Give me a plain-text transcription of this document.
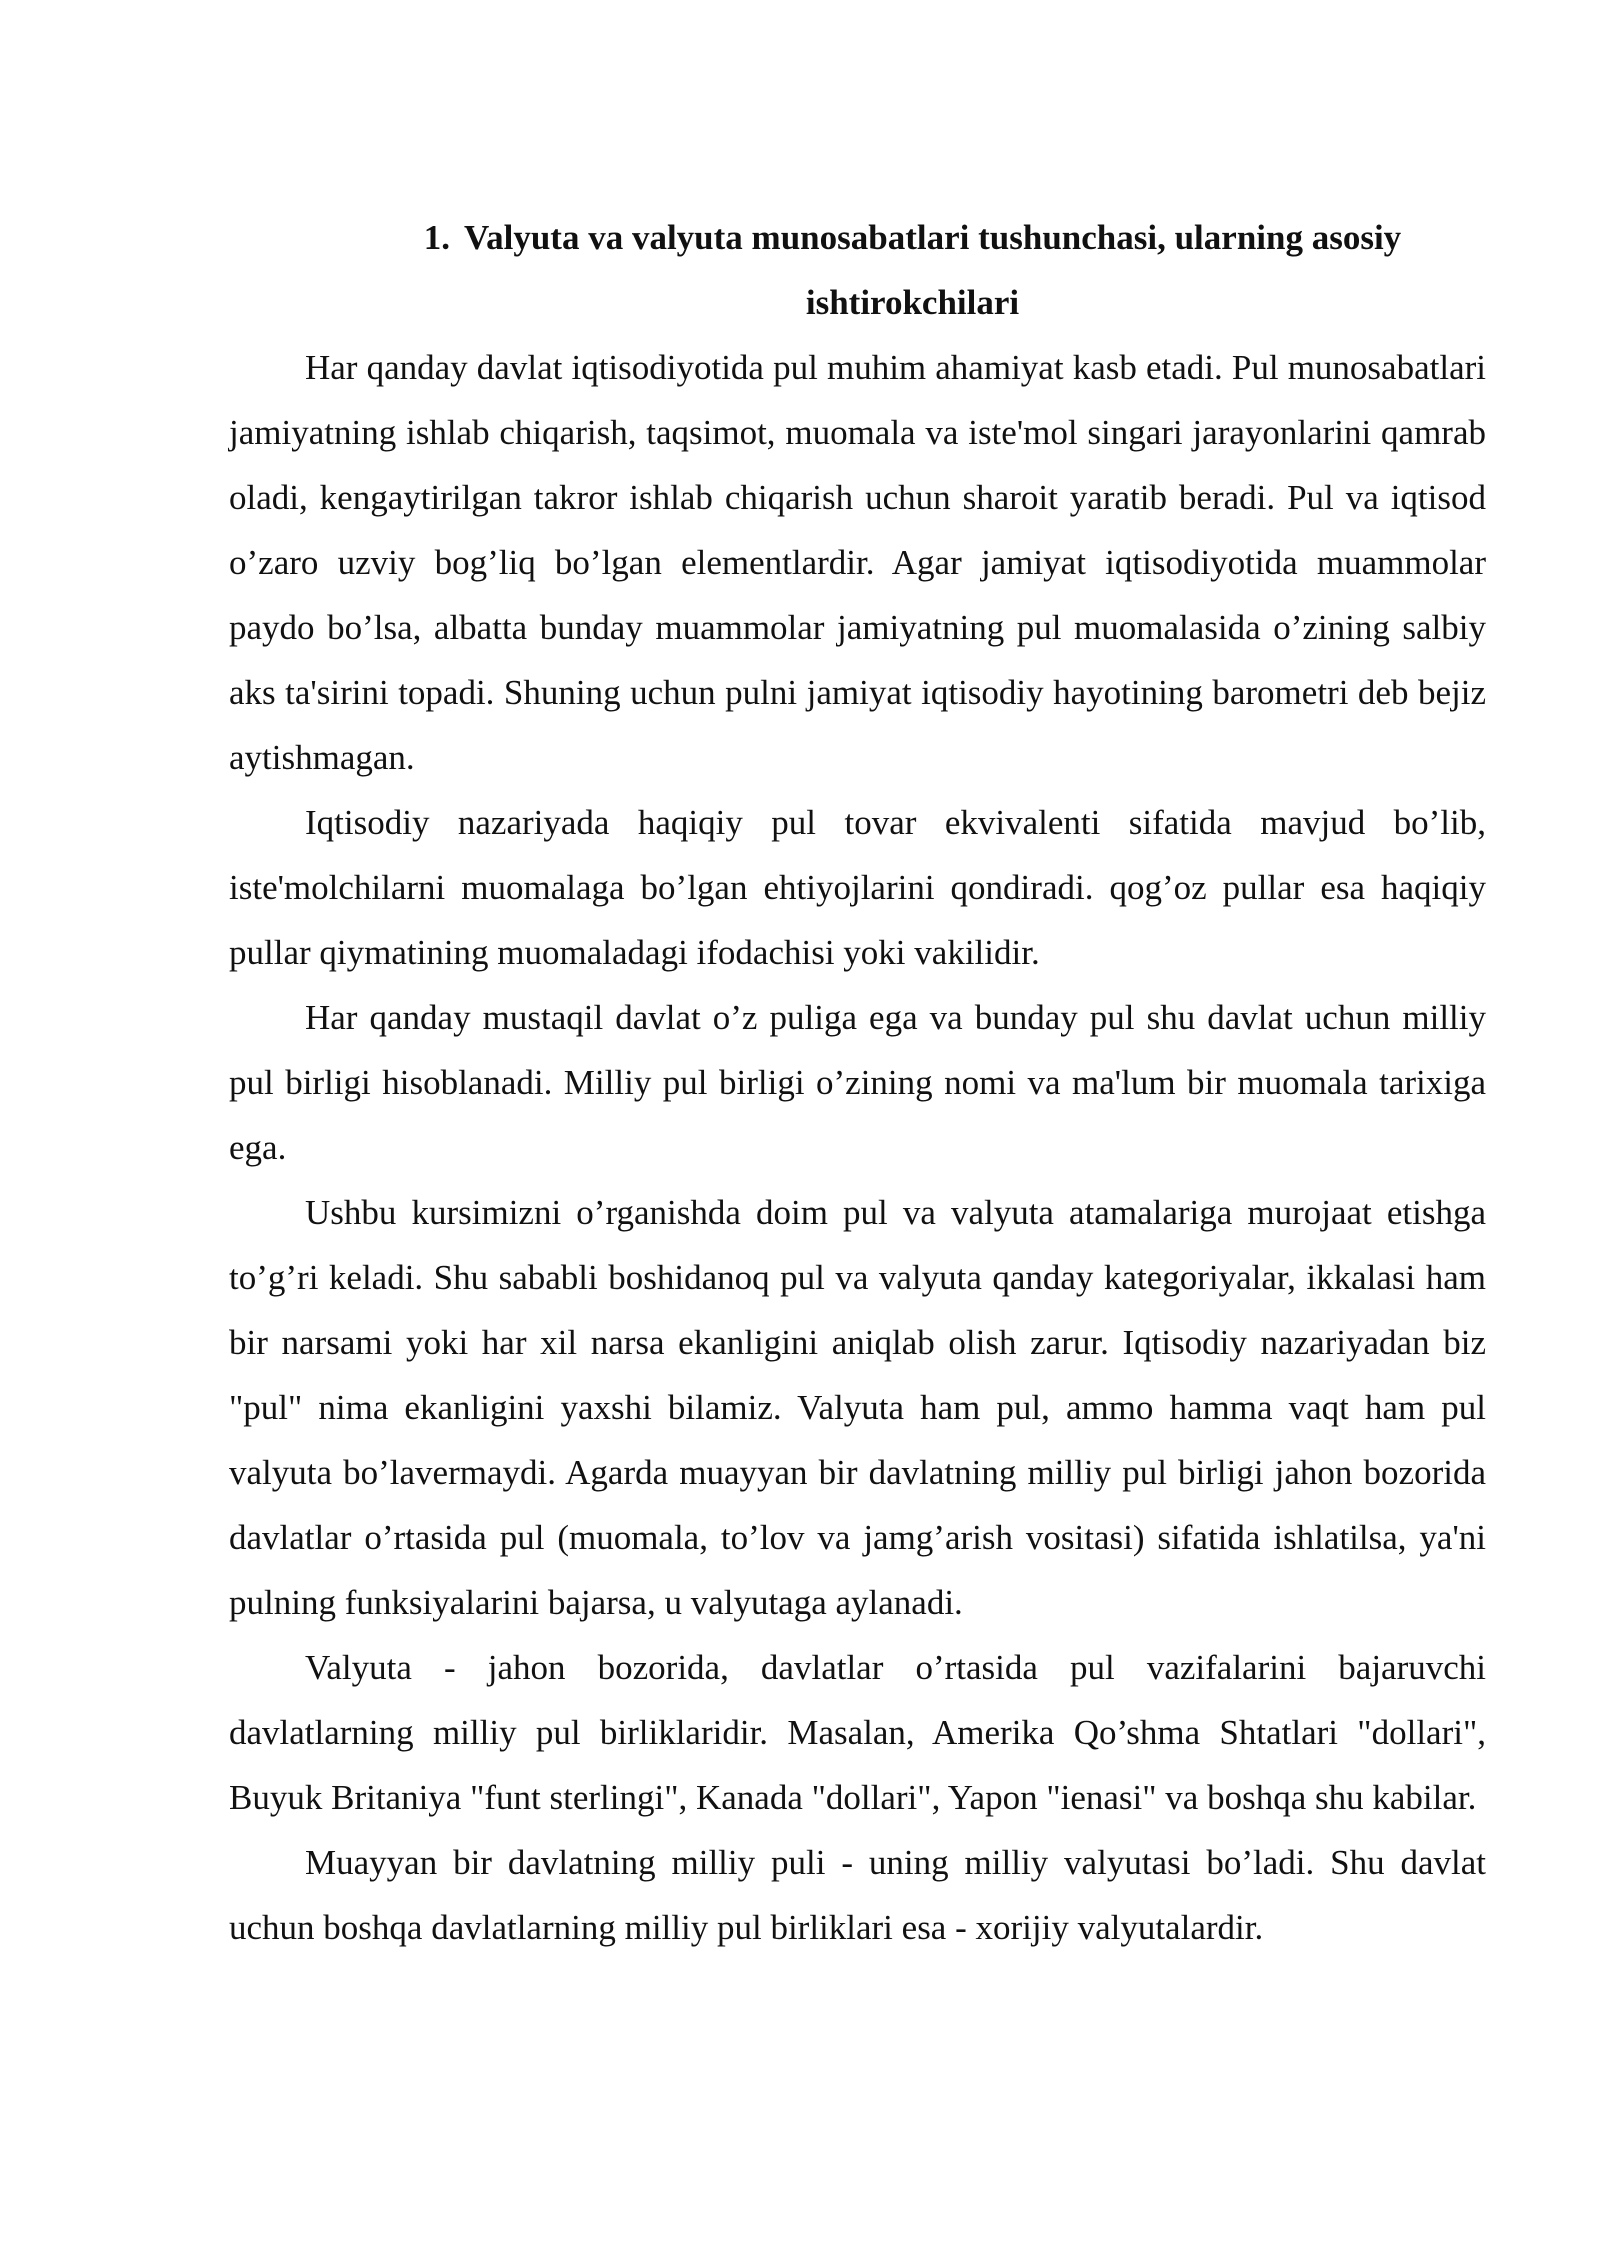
1. Valyuta va valyuta munosabatlari tushunchasi, ularning asosiy ishtirokchilari

Har qanday davlat iqtisodiyotida pul muhim ahamiyat kasb etadi. Pul munosabatlari jamiyatning ishlab chiqarish, taqsimot, muomala va iste'mol singari jarayonlarini qamrab oladi, kengaytirilgan takror ishlab chiqarish uchun sharoit yaratib beradi. Pul va iqtisod o’zaro uzviy bog’liq bo’lgan elementlardir. Agar jamiyat iqtisodiyotida muammolar paydo bo’lsa, albatta bunday muammolar jamiyatning pul muomalasida o’zining salbiy aks ta'sirini topadi. Shuning uchun pulni jamiyat iqtisodiy hayotining barometri deb bejiz aytishmagan.

Iqtisodiy nazariyada haqiqiy pul tovar ekvivalenti sifatida mavjud bo’lib, iste'molchilarni muomalaga bo’lgan ehtiyojlarini qondiradi. qog’oz pullar esa haqiqiy pullar qiymatining muomaladagi ifodachisi yoki vakilidir.

Har qanday mustaqil davlat o’z puliga ega va bunday pul shu davlat uchun milliy pul birligi hisoblanadi. Milliy pul birligi o’zining nomi va ma'lum bir muomala tarixiga ega.

Ushbu kursimizni o’rganishda doim pul va valyuta atamalariga murojaat etishga to’g’ri keladi. Shu sababli boshidanoq pul va valyuta qanday kategoriyalar, ikkalasi ham bir narsami yoki har xil narsa ekanligini aniqlab olish zarur. Iqtisodiy nazariyadan biz "pul" nima ekanligini yaxshi bilamiz. Valyuta ham pul, ammo hamma vaqt ham pul valyuta bo’lavermaydi. Agarda muayyan bir davlatning milliy pul birligi jahon bozorida davlatlar o’rtasida pul (muomala, to’lov va jamg’arish vositasi) sifatida ishlatilsa, ya'ni pulning funksiyalarini bajarsa, u valyutaga aylanadi.

Valyuta - jahon bozorida, davlatlar o’rtasida pul vazifalarini bajaruvchi davlatlarning milliy pul birliklaridir. Masalan, Amerika Qo’shma Shtatlari "dollari", Buyuk Britaniya "funt sterlingi", Kanada "dollari", Yapon "ienasi" va boshqa shu kabilar.

Muayyan bir davlatning milliy puli - uning milliy valyutasi bo’ladi. Shu davlat uchun boshqa davlatlarning milliy pul birliklari esa - xorijiy valyutalardir.
